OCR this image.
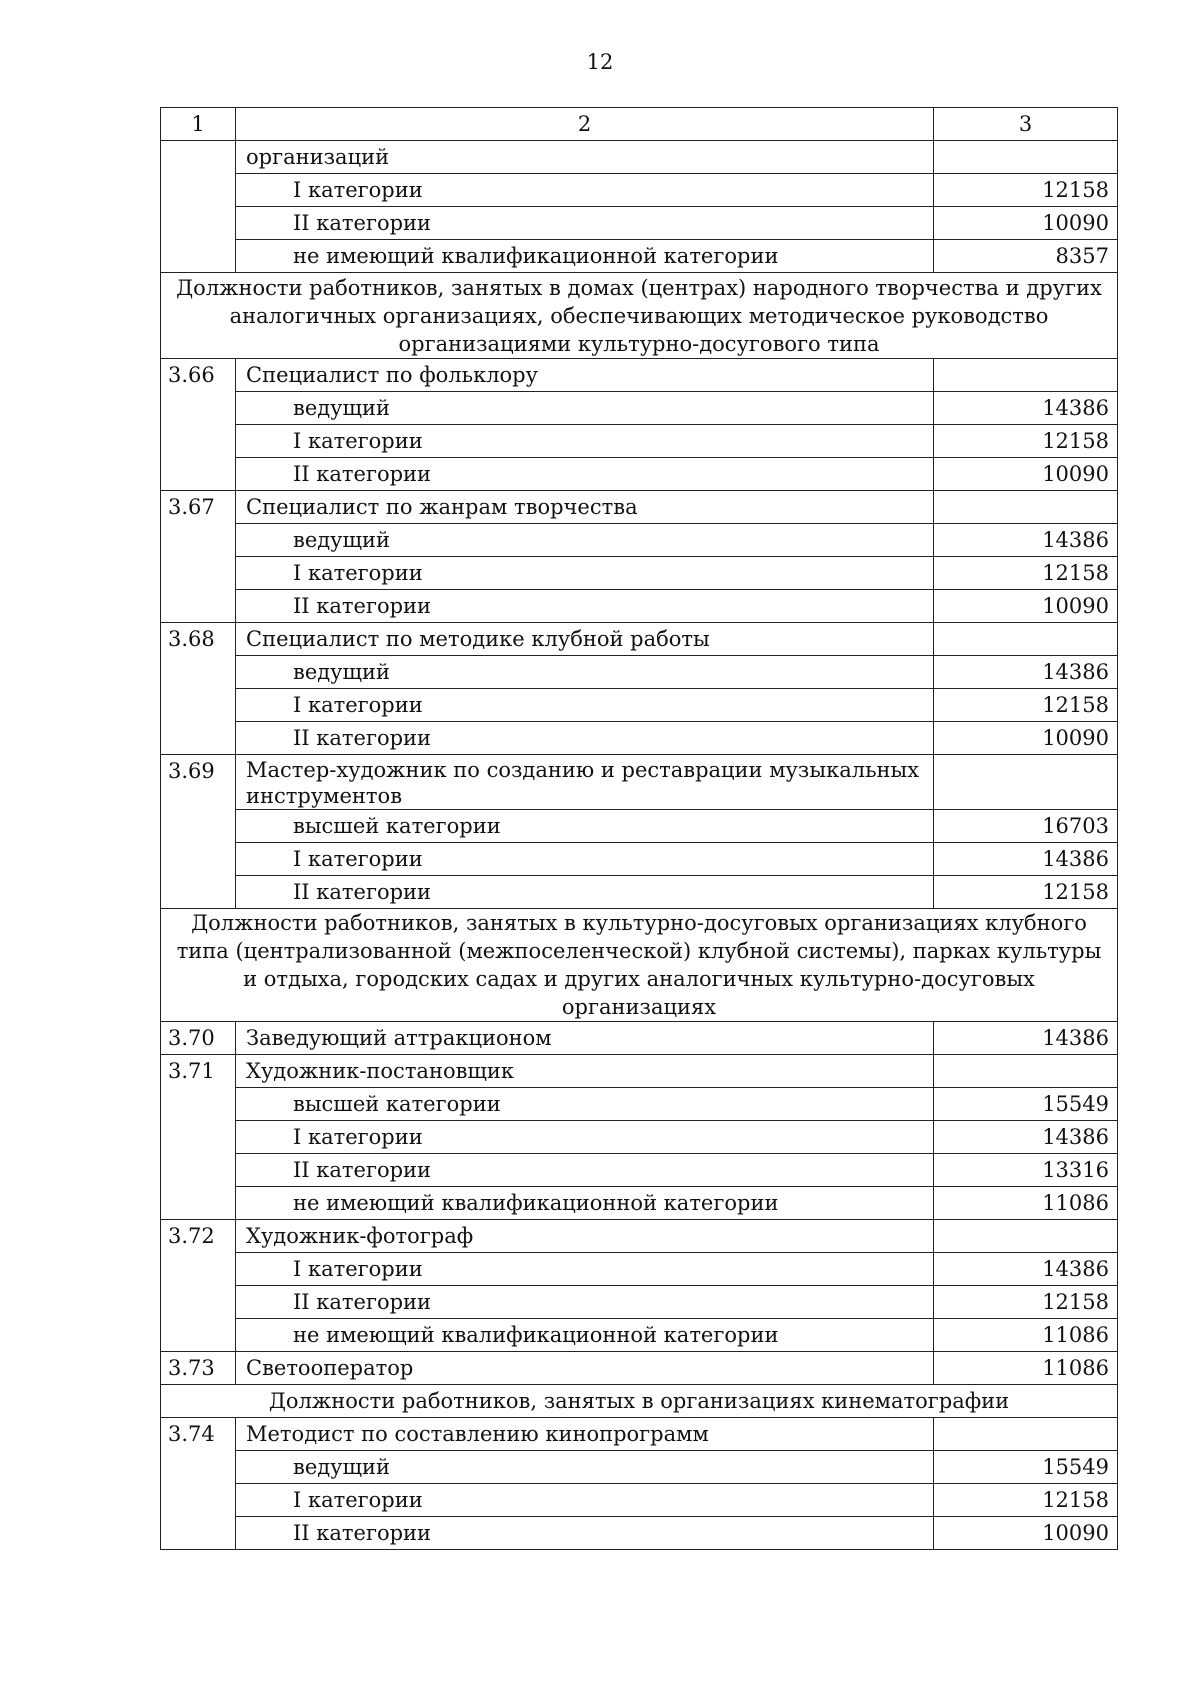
12
1	2	3
	организаций	
	I категории	12158
	II категории	10090
	не имеющий квалификационной категории	8357
Должности работников, занятых в домах (центрах) народного творчества и других аналогичных организациях, обеспечивающих методическое руководство организациями культурно-досугового типа		
3.66	Специалист по фольклору	
	ведущий	14386
	I категории	12158
	II категории	10090
3.67	Специалист по жанрам творчества	
	ведущий	14386
	I категории	12158
	II категории	10090
3.68	Специалист по методике клубной работы	
	ведущий	14386
	I категории	12158
	II категории	10090
3.69	Мастер-художник по созданию и реставрации музыкальных инструментов	
	высшей категории	16703
	I категории	14386
	II категории	12158
Должности работников, занятых в культурно-досуговых организациях клубного типа (централизованной (межпоселенческой) клубной системы), парках культуры и отдыха, городских садах и других аналогичных культурно-досуговых организациях		
3.70	Заведующий аттракционом	14386
3.71	Художник-постановщик	
	высшей категории	15549
	I категории	14386
	II категории	13316
	не имеющий квалификационной категории	11086
3.72	Художник-фотограф	
	I категории	14386
	II категории	12158
	не имеющий квалификационной категории	11086
3.73	Светооператор	11086
Должности работников, занятых в организациях кинематографии		
3.74	Методист по составлению кинопрограмм	
	ведущий	15549
	I категории	12158
	II категории	10090
